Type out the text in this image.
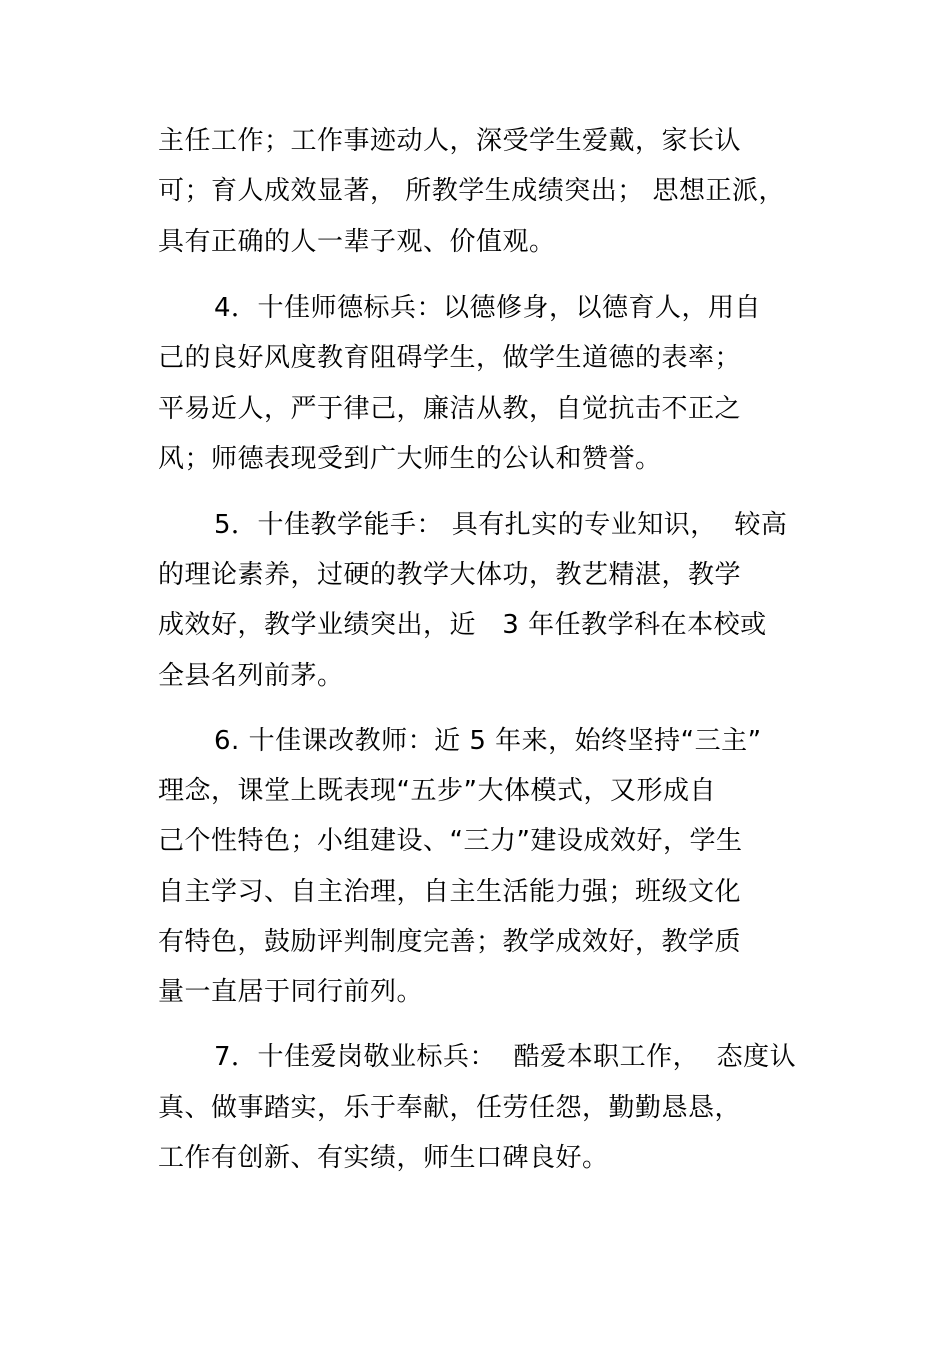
主任工作；工作事迹动人，深受学生爱戴，家长认
可；育人成效显著， 所教学生成绩突出； 思想正派，
具有正确的人一辈子观、价值观。
4．十佳师德标兵：以德修身，以德育人，用自
己的良好风度教育阻碍学生，做学生道德的表率；
平易近人，严于律己，廉洁从教，自觉抗击不正之
风；师德表现受到广大师生的公认和赞誉。
5．十佳教学能手： 具有扎实的专业知识，  较高
的理论素养，过硬的教学大体功，教艺精湛，教学
成效好，教学业绩突出，近   3 年任教学科在本校或
全县名列前茅。
6. 十佳课改教师：近 5 年来，始终坚持“三主”
理念，课堂上既表现“五步”大体模式，又形成自
己个性特色；小组建设、“三力”建设成效好，学生
自主学习、自主治理，自主生活能力强；班级文化
有特色，鼓励评判制度完善；教学成效好，教学质
量一直居于同行前列。
7．十佳爱岗敬业标兵：  酷爱本职工作，  态度认
真、做事踏实，乐于奉献，任劳任怨，勤勤恳恳，
工作有创新、有实绩，师生口碑良好。
